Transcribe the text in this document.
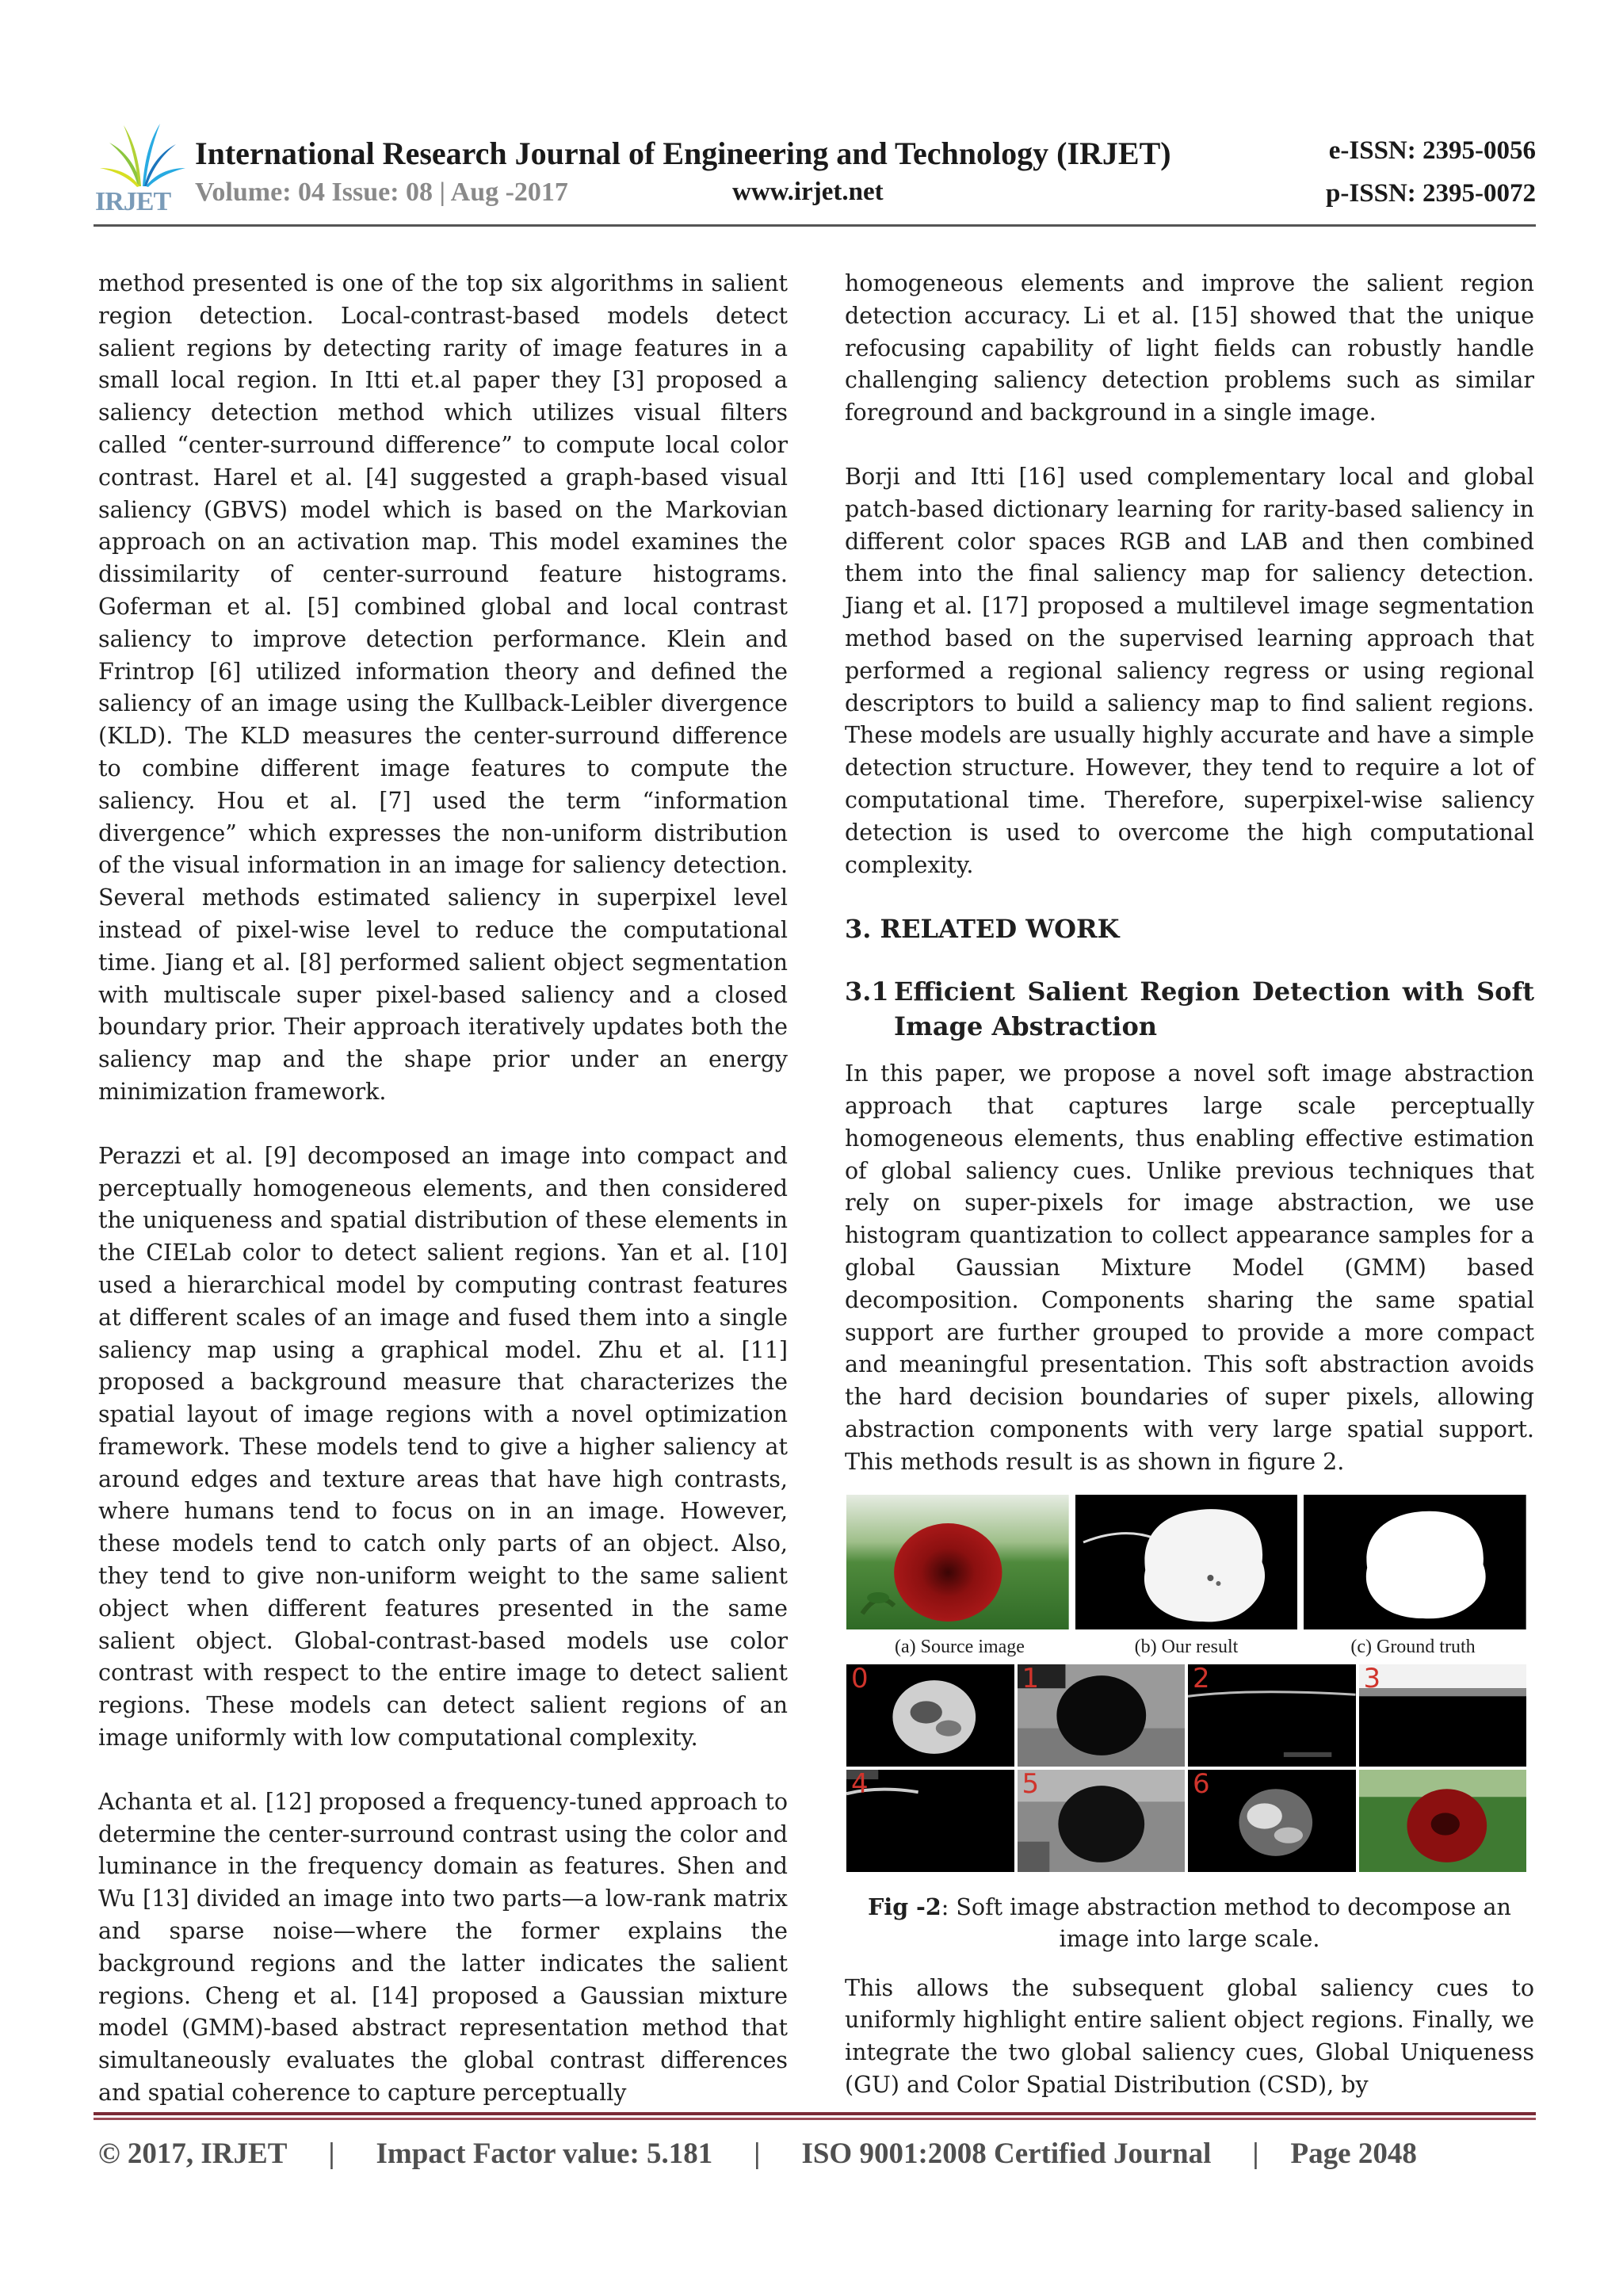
IRJET
International Research Journal of Engineering and Technology (IRJET)	e-ISSN: 2395-0056
Volume: 04 Issue: 08 | Aug -2017	www.irjet.net	p-ISSN: 2395-0072

method presented is one of the top six algorithms in salient region detection. Local-contrast-based models detect salient regions by detecting rarity of image features in a small local region. In Itti et.al paper they [3] proposed a saliency detection method which utilizes visual filters called “center-surround difference” to compute local color contrast. Harel et al. [4] suggested a graph-based visual saliency (GBVS) model which is based on the Markovian approach on an activation map. This model examines the dissimilarity of center-surround feature histograms. Goferman et al. [5] combined global and local contrast saliency to improve detection performance. Klein and Frintrop [6] utilized information theory and defined the saliency of an image using the Kullback-Leibler divergence (KLD). The KLD measures the center-surround difference to combine different image features to compute the saliency. Hou et al. [7] used the term “information divergence” which expresses the non-uniform distribution of the visual information in an image for saliency detection. Several methods estimated saliency in superpixel level instead of pixel-wise level to reduce the computational time. Jiang et al. [8] performed salient object segmentation with multiscale super pixel-based saliency and a closed boundary prior. Their approach iteratively updates both the saliency map and the shape prior under an energy minimization framework.

Perazzi et al. [9] decomposed an image into compact and perceptually homogeneous elements, and then considered the uniqueness and spatial distribution of these elements in the CIELab color to detect salient regions. Yan et al. [10] used a hierarchical model by computing contrast features at different scales of an image and fused them into a single saliency map using a graphical model. Zhu et al. [11] proposed a background measure that characterizes the spatial layout of image regions with a novel optimization framework. These models tend to give a higher saliency at around edges and texture areas that have high contrasts, where humans tend to focus on in an image. However, these models tend to catch only parts of an object. Also, they tend to give non-uniform weight to the same salient object when different features presented in the same salient object. Global-contrast-based models use color contrast with respect to the entire image to detect salient regions. These models can detect salient regions of an image uniformly with low computational complexity.

Achanta et al. [12] proposed a frequency-tuned approach to determine the center-surround contrast using the color and luminance in the frequency domain as features. Shen and Wu [13] divided an image into two parts—a low-rank matrix and sparse noise—where the former explains the background regions and the latter indicates the salient regions. Cheng et al. [14] proposed a Gaussian mixture model (GMM)-based abstract representation method that simultaneously evaluates the global contrast differences and spatial coherence to capture perceptually

homogeneous elements and improve the salient region detection accuracy. Li et al. [15] showed that the unique refocusing capability of light fields can robustly handle challenging saliency detection problems such as similar foreground and background in a single image.

Borji and Itti [16] used complementary local and global patch-based dictionary learning for rarity-based saliency in different color spaces RGB and LAB and then combined them into the final saliency map for saliency detection. Jiang et al. [17] proposed a multilevel image segmentation method based on the supervised learning approach that performed a regional saliency regress or using regional descriptors to build a saliency map to find salient regions. These models are usually highly accurate and have a simple detection structure. However, they tend to require a lot of computational time. Therefore, superpixel-wise saliency detection is used to overcome the high computational complexity.

3. RELATED WORK
3.1 Efficient Salient Region Detection with Soft Image Abstraction

In this paper, we propose a novel soft image abstraction approach that captures large scale perceptually homogeneous elements, thus enabling effective estimation of global saliency cues. Unlike previous techniques that rely on super-pixels for image abstraction, we use histogram quantization to collect appearance samples for a global Gaussian Mixture Model (GMM) based decomposition. Components sharing the same spatial support are further grouped to provide a more compact and meaningful presentation. This soft abstraction avoids the hard decision boundaries of super pixels, allowing abstraction components with very large spatial support. This methods result is as shown in figure 2.

(a) Source image	(b) Our result	(c) Ground truth
0	1	2	3
4	5	6
Fig -2: Soft image abstraction method to decompose an image into large scale.

This allows the subsequent global saliency cues to uniformly highlight entire salient object regions. Finally, we integrate the two global saliency cues, Global Uniqueness (GU) and Color Spatial Distribution (CSD), by

© 2017, IRJET | Impact Factor value: 5.181 | ISO 9001:2008 Certified Journal | Page 2048
